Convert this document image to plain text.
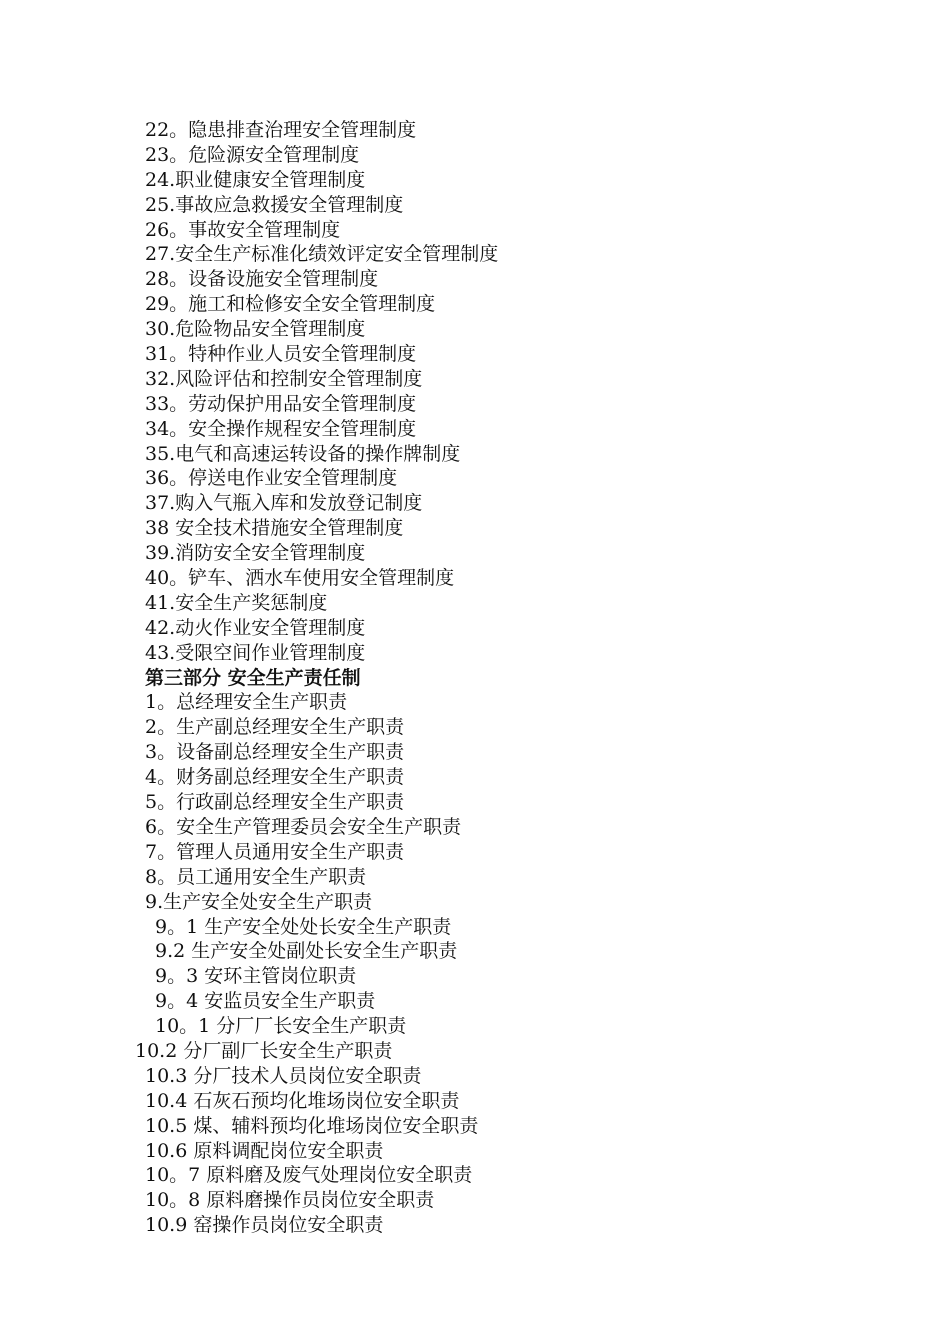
22。隐患排查治理安全管理制度
23。危险源安全管理制度
24.职业健康安全管理制度
25.事故应急救援安全管理制度
26。事故安全管理制度
27.安全生产标准化绩效评定安全管理制度
28。设备设施安全管理制度
29。施工和检修安全安全管理制度
30.危险物品安全管理制度
31。特种作业人员安全管理制度
32.风险评估和控制安全管理制度
33。劳动保护用品安全管理制度
34。安全操作规程安全管理制度
35.电气和高速运转设备的操作牌制度
36。停送电作业安全管理制度
37.购入气瓶入库和发放登记制度
38 安全技术措施安全管理制度
39.消防安全安全管理制度
40。铲车、洒水车使用安全管理制度
41.安全生产奖惩制度
42.动火作业安全管理制度
43.受限空间作业管理制度
第三部分 安全生产责任制
1。总经理安全生产职责
2。生产副总经理安全生产职责
3。设备副总经理安全生产职责
4。财务副总经理安全生产职责
5。行政副总经理安全生产职责
6。安全生产管理委员会安全生产职责
7。管理人员通用安全生产职责
8。员工通用安全生产职责
9.生产安全处安全生产职责
9。1 生产安全处处长安全生产职责
9.2 生产安全处副处长安全生产职责
9。3 安环主管岗位职责
9。4 安监员安全生产职责
10。1 分厂厂长安全生产职责
10.2 分厂副厂长安全生产职责
10.3 分厂技术人员岗位安全职责
10.4 石灰石预均化堆场岗位安全职责
10.5 煤、辅料预均化堆场岗位安全职责
10.6 原料调配岗位安全职责
10。7 原料磨及废气处理岗位安全职责
10。8 原料磨操作员岗位安全职责
10.9 窑操作员岗位安全职责
